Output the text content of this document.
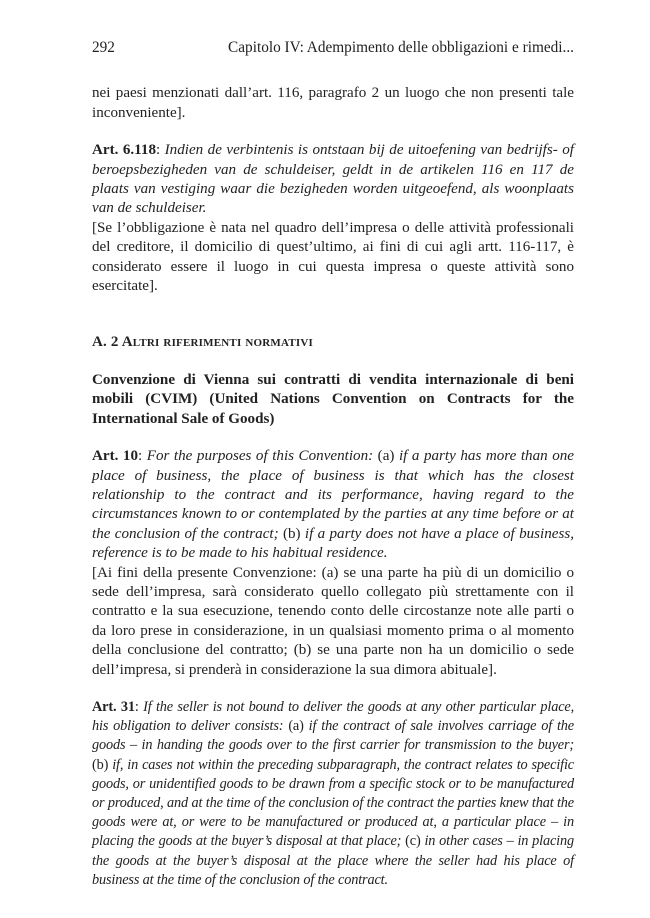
292	Capitolo IV: Adempimento delle obbligazioni e rimedi...

nei paesi menzionati dall’art. 116, paragrafo 2 un luogo che non presenti tale inconveniente].

Art. 6.118: Indien de verbintenis is ontstaan bij de uitoefening van bedrijfs- of beroepsbezigheden van de schuldeiser, geldt in de artikelen 116 en 117 de plaats van vestiging waar die bezigheden worden uitgeoefend, als woonplaats van de schuldeiser.

[Se l’obbligazione è nata nel quadro dell’impresa o delle attività professionali del creditore, il domicilio di quest’ultimo, ai fini di cui agli artt. 116-117, è considerato essere il luogo in cui questa impresa o queste attività sono esercitate].

A. 2 Altri riferimenti normativi

Convenzione di Vienna sui contratti di vendita internazionale di beni mobili (CVIM) (United Nations Convention on Contracts for the International Sale of Goods)

Art. 10: For the purposes of this Convention: (a) if a party has more than one place of business, the place of business is that which has the closest relationship to the contract and its performance, having regard to the circumstances known to or contemplated by the parties at any time before or at the conclusion of the contract; (b) if a party does not have a place of business, reference is to be made to his habitual residence.

[Ai fini della presente Convenzione: (a) se una parte ha più di un domicilio o sede dell’impresa, sarà considerato quello collegato più strettamente con il contratto e la sua esecuzione, tenendo conto delle circostanze note alle parti o da loro prese in considerazione, in un qualsiasi momento prima o al momento della conclusione del contratto; (b) se una parte non ha un domicilio o sede dell’impresa, si prenderà in considerazione la sua dimora abituale].

Art. 31: If the seller is not bound to deliver the goods at any other particular place, his obligation to deliver consists: (a) if the contract of sale involves carriage of the goods – in handing the goods over to the first carrier for transmission to the buyer; (b) if, in cases not within the preceding subparagraph, the contract relates to specific goods, or unidentified goods to be drawn from a specific stock or to be manufactured or produced, and at the time of the conclusion of the contract the parties knew that the goods were at, or were to be manufactured or produced at, a particular place – in placing the goods at the buyer’s disposal at that place; (c) in other cases – in placing the goods at the buyer’s disposal at the place where the seller had his place of business at the time of the conclusion of the contract.
